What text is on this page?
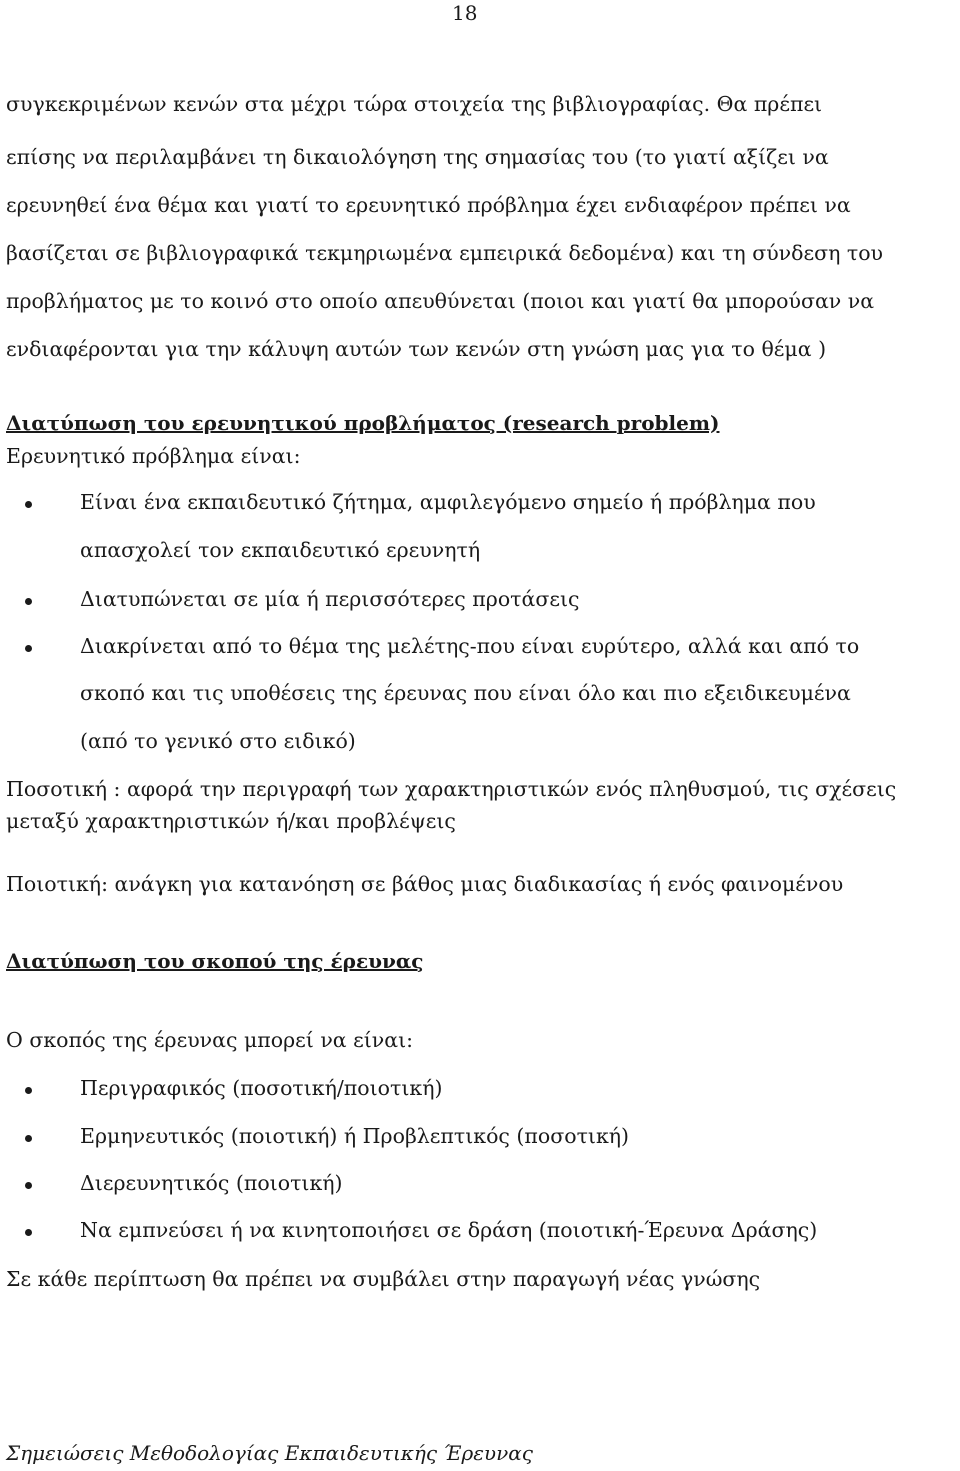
18
συγκεκριμένων κενών στα μέχρι τώρα στοιχεία της βιβλιογραφίας. Θα πρέπει
επίσης να περιλαμβάνει τη δικαιολόγηση της σημασίας του (το γιατί αξίζει να
ερευνηθεί ένα θέμα και γιατί το ερευνητικό πρόβλημα έχει ενδιαφέρον πρέπει να
βασίζεται σε βιβλιογραφικά τεκμηριωμένα εμπειρικά δεδομένα) και τη σύνδεση του
προβλήματος με το κοινό στο οποίο απευθύνεται (ποιοι και γιατί θα μπορούσαν να
ενδιαφέρονται για την κάλυψη αυτών των κενών στη γνώση μας για το θέμα )
Διατύπωση του ερευνητικού προβλήματος (research problem)
Ερευνητικό πρόβλημα είναι:
Είναι ένα εκπαιδευτικό ζήτημα, αμφιλεγόμενο σημείο ή πρόβλημα που
απασχολεί τον εκπαιδευτικό ερευνητή
Διατυπώνεται σε μία ή περισσότερες προτάσεις
Διακρίνεται από το θέμα της μελέτης-που είναι ευρύτερο, αλλά και από το
σκοπό και τις υποθέσεις της έρευνας που είναι όλο και πιο εξειδικευμένα
(από το γενικό στο ειδικό)
Ποσοτική : αφορά την περιγραφή των χαρακτηριστικών ενός πληθυσμού, τις σχέσεις
μεταξύ χαρακτηριστικών ή/και προβλέψεις
Ποιοτική: ανάγκη για κατανόηση σε βάθος μιας διαδικασίας ή ενός φαινομένου
Διατύπωση του σκοπού της έρευνας
Ο σκοπός της έρευνας μπορεί να είναι:
Περιγραφικός (ποσοτική/ποιοτική)
Ερμηνευτικός (ποιοτική) ή Προβλεπτικός (ποσοτική)
Διερευνητικός (ποιοτική)
Να εμπνεύσει ή να κινητοποιήσει σε δράση (ποιοτική-Έρευνα Δράσης)
Σε κάθε περίπτωση θα πρέπει να συμβάλει στην παραγωγή νέας γνώσης
Σημειώσεις Μεθοδολογίας Εκπαιδευτικής Έρευνας
